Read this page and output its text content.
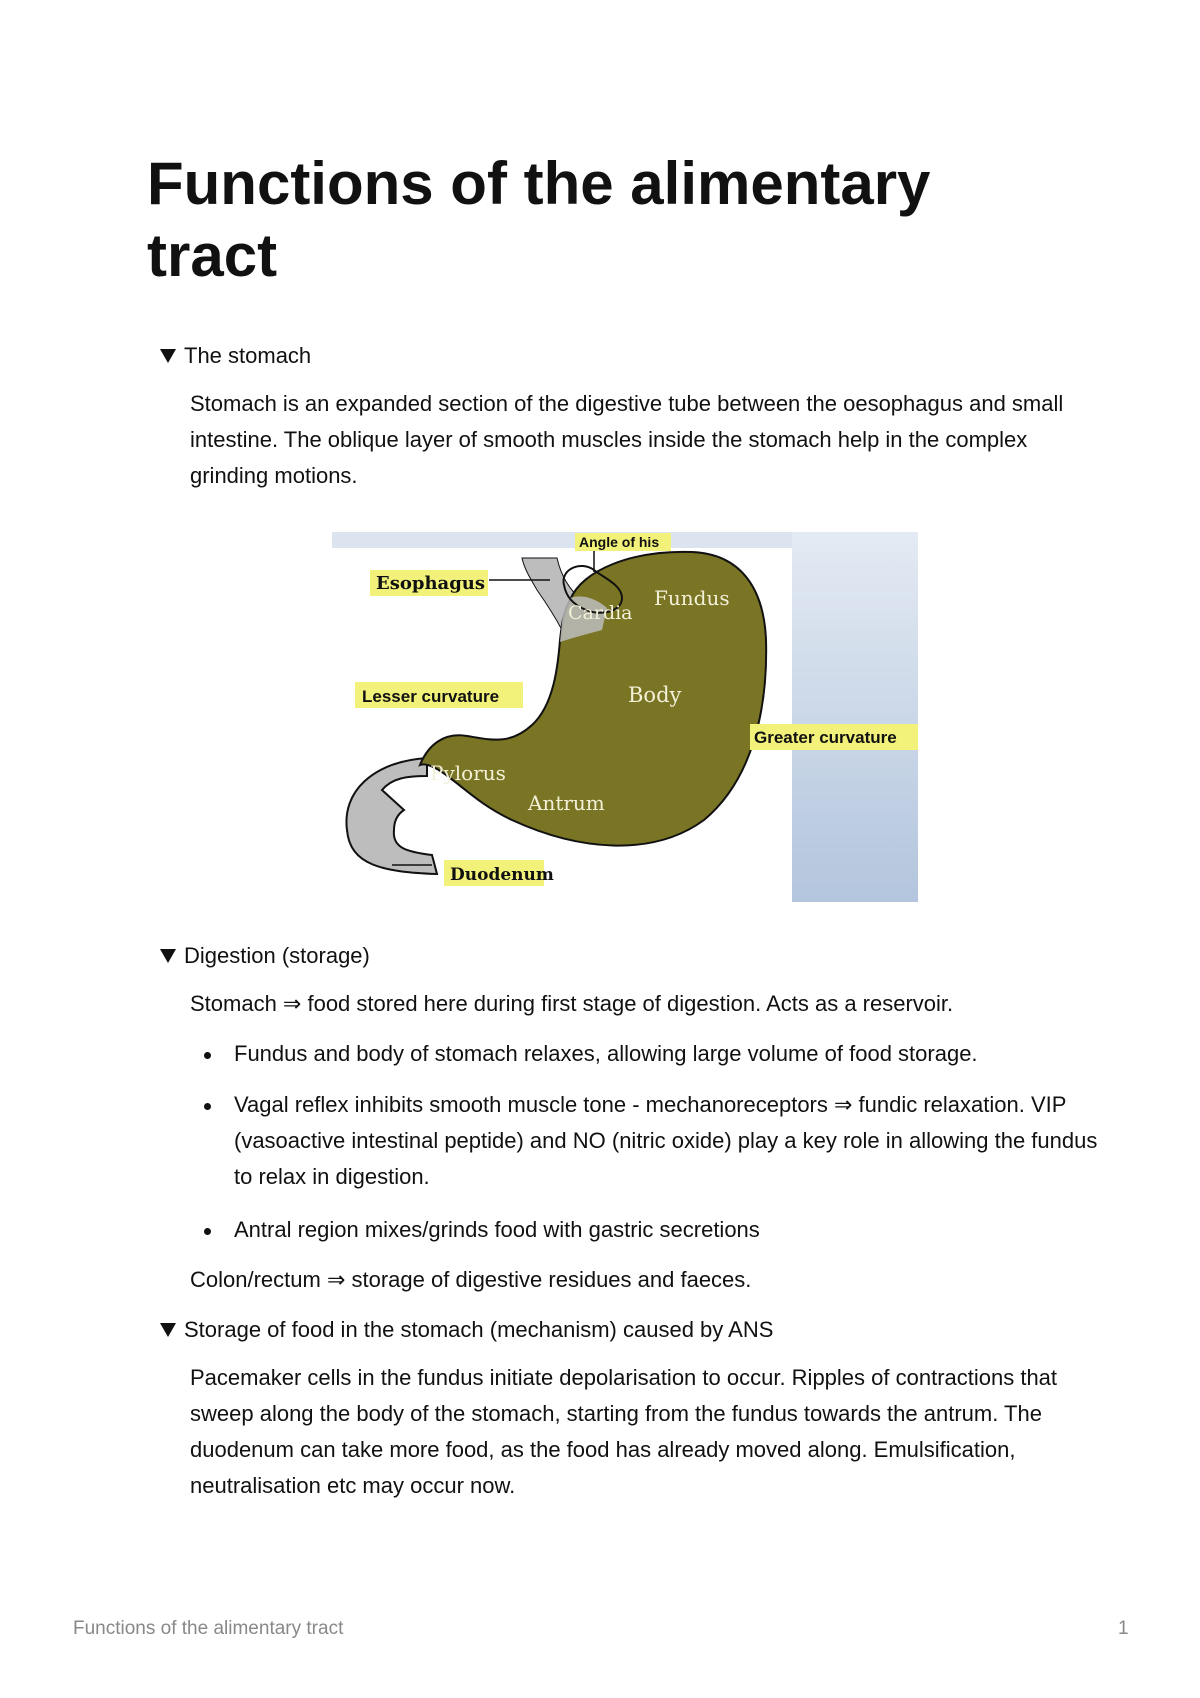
Functions of the alimentary tract
The stomach

Stomach is an expanded section of the digestive tube between the oesophagus and small intestine. The oblique layer of smooth muscles inside the stomach help in the complex grinding motions.

Angle of his
Esophagus
Cardia
Fundus
Lesser curvature	Body
Greater curvature
Pylorus
Antrum
Duodenum
Digestion (storage)

Stomach ⇒ food stored here during first stage of digestion. Acts as a reservoir.

Fundus and body of stomach relaxes, allowing large volume of food storage.
Vagal reflex inhibits smooth muscle tone - mechanoreceptors ⇒ fundic relaxation. VIP (vasoactive intestinal peptide) and NO (nitric oxide) play a key role in allowing the fundus to relax in digestion.
Antral region mixes/grinds food with gastric secretions

Colon/rectum ⇒ storage of digestive residues and faeces.

Storage of food in the stomach (mechanism) caused by ANS

Pacemaker cells in the fundus initiate depolarisation to occur. Ripples of contractions that sweep along the body of the stomach, starting from the fundus towards the antrum. The duodenum can take more food, as the food has already moved along. Emulsification, neutralisation etc may occur now.

Functions of the alimentary tract	1
